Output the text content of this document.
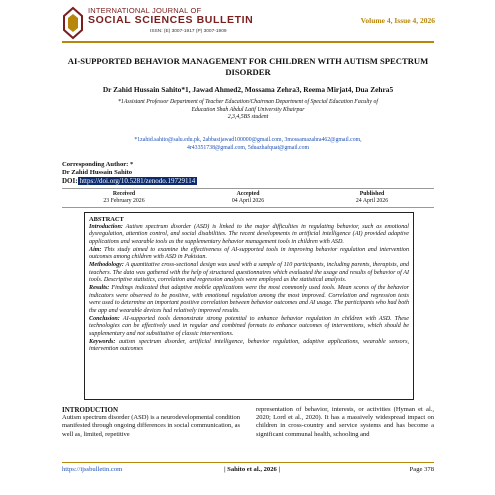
INTERNATIONAL JOURNAL OF
SOCIAL SCIENCES BULLETIN
ISSN: (E) 3007-1917 (P) 3007-1909
Volume 4, Issue 4, 2026
AI-SUPPORTED BEHAVIOR MANAGEMENT FOR CHILDREN WITH AUTISM SPECTRUM DISORDER
Dr Zahid Hussain Sahito*1, Jawad Ahmed2, Mossama Zehra3, Reema Mirjat4, Dua Zehra5
*1Assistant Professor Department of Teacher Education/Chairman Department of Special Education Faculty of
Education Shah Abdul Latif University Khairpur
2,3,4,5BS student
*1zahid.sahito@salu.edu.pk, 2abbasijawad100000@gmail.com, 3mossamazahra462@gmail.com,
4r43351738@gmail.com, 5duazhafquat@gmail.com
Corresponding Author: *
Dr Zahid Hussain Sahito
DOI: https://doi.org/10.5281/zenodo.19729114
Received
23 February 2026
Accepted
04 April 2026
Published
24 April 2026

ABSTRACT

Introduction: Autism spectrum disorder (ASD) is linked to the major difficulties in regulating behavior, such as emotional dysregulation, attention control, and social disabilities. The recent developments in artificial intelligence (AI) provided adaptive applications and wearable tools as the supplementary behavior management tools in children with ASD.

Aim: This study aimed to examine the effectiveness of AI-supported tools in improving behavior regulation and intervention outcomes among children with ASD in Pakistan.

Methodology: A quantitative cross-sectional design was used with a sample of 110 participants, including parents, therapists, and teachers. The data was gathered with the help of structured questionnaires which evaluated the usage and results of behavior of AI tools. Descriptive statistics, correlation and regression analysis were employed as the statistical analysis.

Results: Findings indicated that adaptive mobile applications were the most commonly used tools. Mean scores of the behavior indicators were observed to be positive, with emotional regulation among the most improved. Correlation and regression tests were used to determine an important positive correlation between behavior outcomes and AI usage. The participants who had both the app and wearable devices had relatively improved results.

Conclusion: AI-supported tools demonstrate strong potential to enhance behavior regulation in children with ASD. These technologies can be effectively used in regular and combined formats to enhance outcomes of interventions, which should be supplementary and not substitutive of classic interventions.

Keywords: autism spectrum disorder, artificial intelligence, behavior regulation, adaptive applications, wearable sensors, intervention outcomes

INTRODUCTION
Autism spectrum disorder (ASD) is a neurodevelopmental condition manifested through ongoing differences in social communication, as well as, limited, repetitive
representation of behavior, interests, or activities (Hyman et al., 2020; Lord et al., 2020). It has a massively widespread impact on children in cross-country and service systems and has become a significant communal health, schooling and
https://ijssbulletin.com	| Sahito et al., 2026 |	Page 378
